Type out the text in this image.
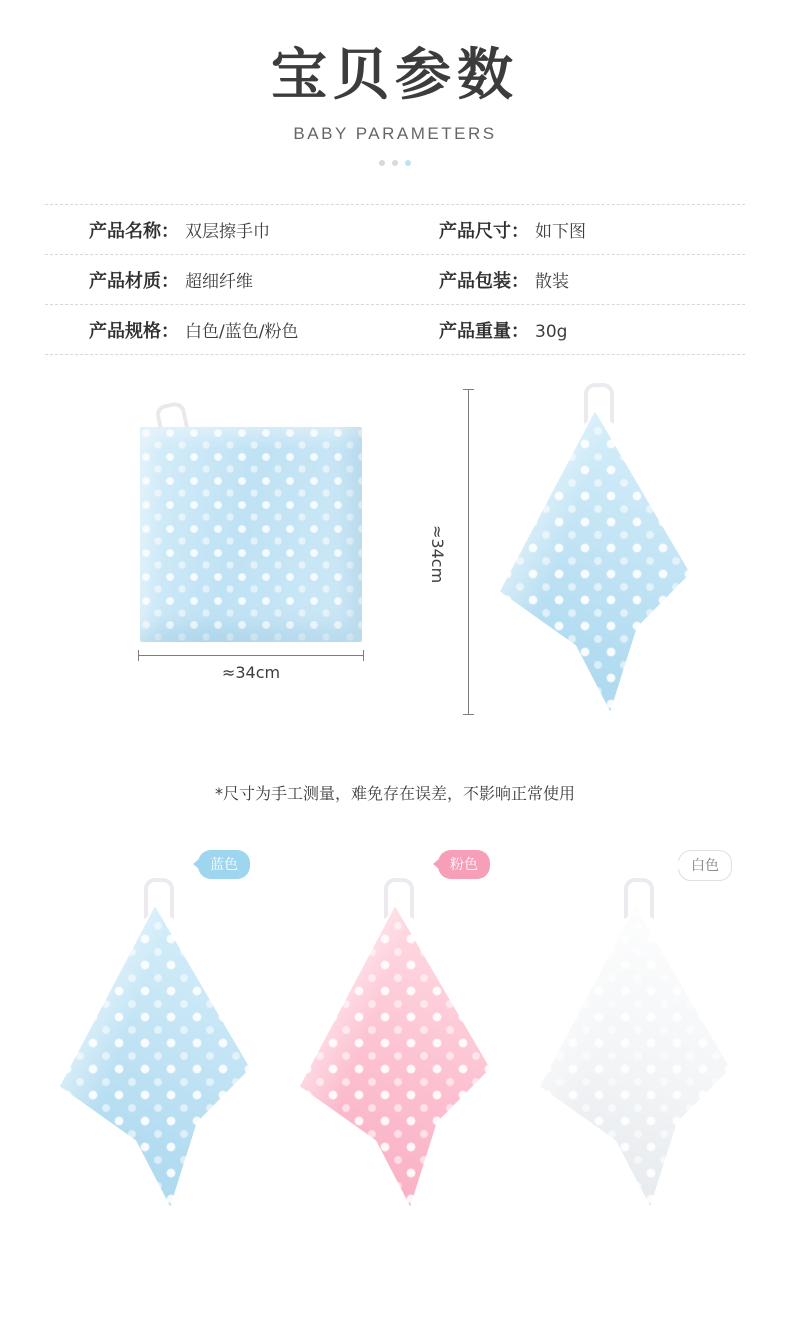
宝贝参数
BABY PARAMETERS
产品名称： 双层擦手巾	产品尺寸： 如下图
产品材质： 超细纤维	产品包装： 散装
产品规格： 白色/蓝色/粉色	产品重量： 30g
≈34cm
≈34cm
*尺寸为手工测量，难免存在误差，不影响正常使用
蓝色	粉色	白色
